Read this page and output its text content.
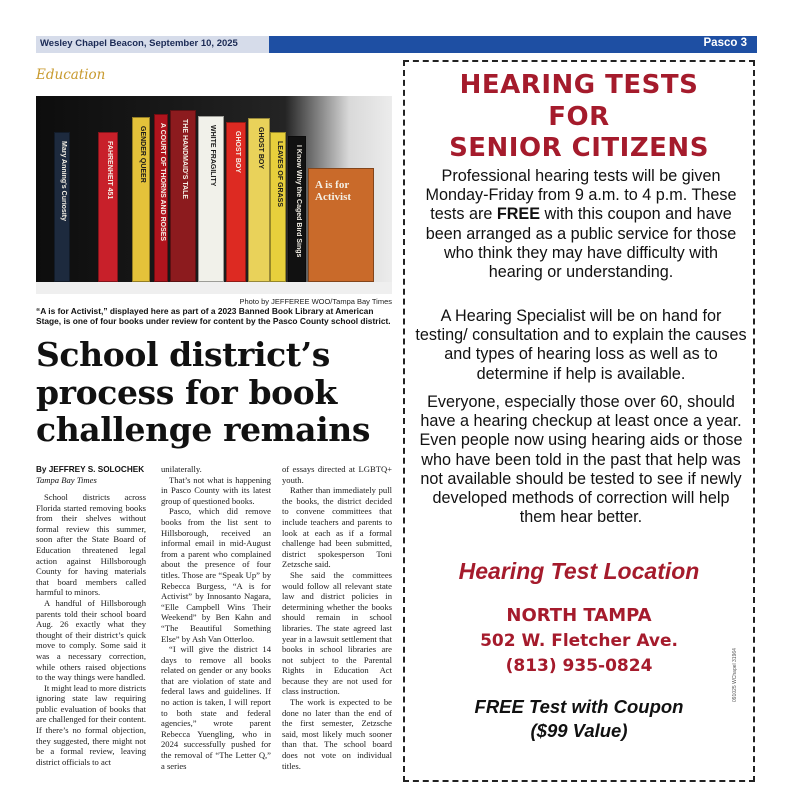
Wesley Chapel Beacon, September 10, 2025	Pasco 3
Education
Mary Anning's Curiosity	FAHRENHEIT 451	GENDER QUEER A COURT OF THORNS AND ROSES THE HANDMAID'S TALE	WHITE FRAGILITY	GHOST BOY GHOST BOY LEAVES OF GRASS I Know Why the Caged Bird Sings A is for Activist
Photo by JEFFEREE WOO/Tampa Bay Times
“A is for Activist,” displayed here as part of a 2023 Banned Book Library at American Stage, is one of four books under review for content by the Pasco County school district.
School district’s process for book challenge remains
By JEFFREY S. SOLOCHEK
Tampa Bay Times

School districts across Florida started removing books from their shelves without formal review this summer, soon after the State Board of Education threatened legal action against Hillsborough County for having materials that board members called harmful to minors.

A handful of Hillsborough parents told their school board Aug. 26 exactly what they thought of their district’s quick move to comply. Some said it was a necessary correction, while others raised objections to the way things were handled.

It might lead to more districts ignoring state law requiring public evaluation of books that are challenged for their content. If there’s no formal objection, they suggested, there might not be a formal review, leaving district officials to act

unilaterally.

That’s not what is happening in Pasco County with its latest group of questioned books.

Pasco, which did remove books from the list sent to Hillsborough, received an informal email in mid-August from a parent who complained about the presence of four titles. Those are “Speak Up” by Rebecca Burgess, “A is for Activist” by Innosanto Nagara, “Elle Campbell Wins Their Weekend” by Ben Kahn and “The Beautiful Something Else” by Ash Van Otterloo.

“I will give the district 14 days to remove all books related on gender or any books that are violation of state and federal laws and guidelines. If no action is taken, I will report to both state and federal agencies,” wrote parent Rebecca Yuengling, who in 2024 successfully pushed for the removal of “The Letter Q,” a series

of essays directed at LGBTQ+ youth.

Rather than immediately pull the books, the district decided to convene committees that include teachers and parents to look at each as if a formal challenge had been submitted, district spokesperson Toni Zetzsche said.

She said the committees would follow all relevant state law and district policies in determining whether the books should remain in school libraries. The state agreed last year in a lawsuit settlement that books in school libraries are not subject to the Parental Rights in Education Act because they are not used for class instruction.

The work is expected to be done no later than the end of the first semester, Zetzsche said, most likely much sooner than that. The school board does not vote on individual titles.

HEARING TESTS
FOR
SENIOR CITIZENS
Professional hearing tests will be given Monday-Friday from 9 a.m. to 4 p.m. These tests are FREE with this coupon and have been arranged as a public service for those who think they may have difficulty with hearing or understanding.
A Hearing Specialist will be on hand for testing/ consultation and to explain the causes and types of hearing loss as well as to determine if help is available.
Everyone, especially those over 60, should have a hearing checkup at least once a year. Even people now using hearing aids or those who have been told in the past that help was not available should be tested to see if newly developed methods of correction will help them hear better.
Hearing Test Location
NORTH TAMPA
502 W. Fletcher Ave.
(813) 935-0824
FREE Test with Coupon
($99 Value)
091025 WChapel 31964
